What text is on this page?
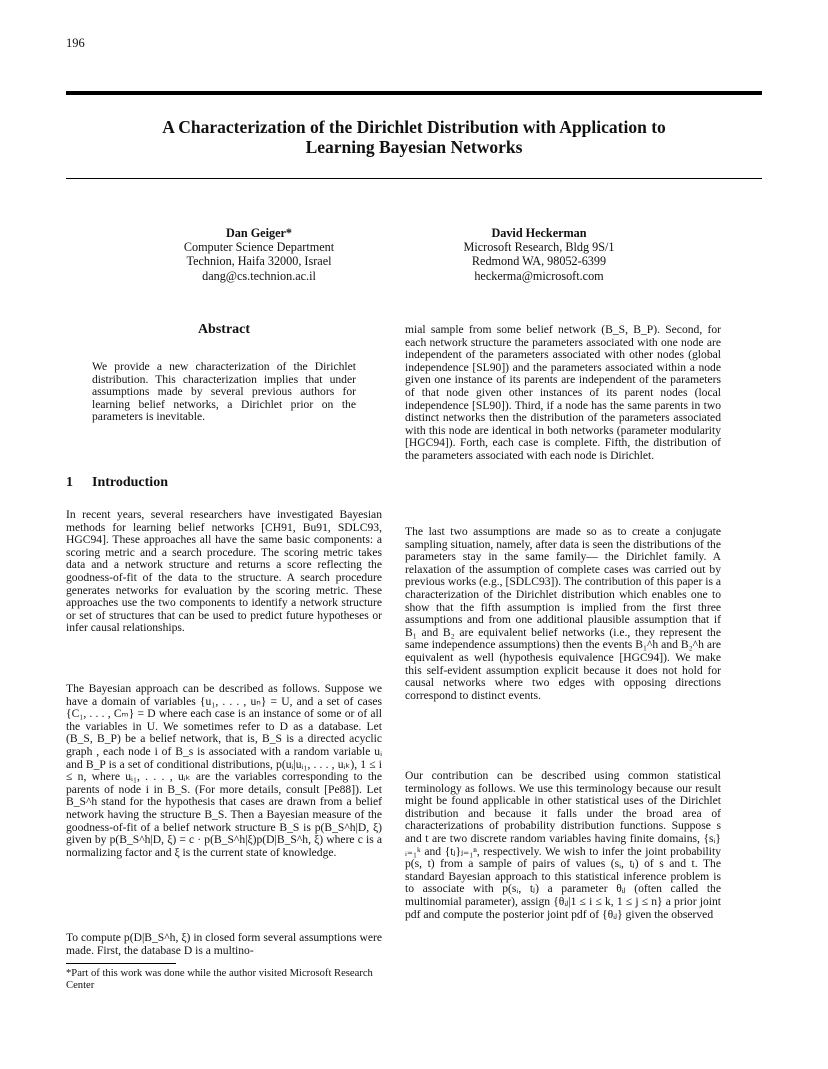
196
A Characterization of the Dirichlet Distribution with Application to
Learning Bayesian Networks
Dan Geiger*
Computer Science Department
Technion, Haifa 32000, Israel
dang@cs.technion.ac.il
David Heckerman
Microsoft Research, Bldg 9S/1
Redmond WA, 98052-6399
heckerma@microsoft.com
Abstract
We provide a new characterization of the Dirichlet distribution. This characterization implies that under assumptions made by several previous authors for learning belief networks, a Dirichlet prior on the parameters is inevitable.
1 Introduction

In recent years, several researchers have investigated Bayesian methods for learning belief networks [CH91, Bu91, SDLC93, HGC94]. These approaches all have the same basic components: a scoring metric and a search procedure. The scoring metric takes data and a network structure and returns a score reflecting the goodness-of-fit of the data to the structure. A search procedure generates networks for evaluation by the scoring metric. These approaches use the two components to identify a network structure or set of structures that can be used to predict future hypotheses or infer causal relationships.

The Bayesian approach can be described as follows. Suppose we have a domain of variables {u₁, . . . , uₙ} = U, and a set of cases {C₁, . . . , Cₘ} = D where each case is an instance of some or of all the variables in U. We sometimes refer to D as a database. Let (B_S, B_P) be a belief network, that is, B_S is a directed acyclic graph , each node i of B_s is associated with a random variable uᵢ and B_P is a set of conditional distributions, p(uᵢ|uᵢ₁, . . . , uᵢₖ), 1 ≤ i ≤ n, where uᵢ₁, . . . , uᵢₖ are the variables corresponding to the parents of node i in B_S. (For more details, consult [Pe88]). Let B_S^h stand for the hypothesis that cases are drawn from a belief network having the structure B_S. Then a Bayesian measure of the goodness-of-fit of a belief network structure B_S is p(B_S^h|D, ξ) given by p(B_S^h|D, ξ) = c · p(B_S^h|ξ)p(D|B_S^h, ξ) where c is a normalizing factor and ξ is the current state of knowledge.

To compute p(D|B_S^h, ξ) in closed form several assumptions were made. First, the database D is a multino-

*Part of this work was done while the author visited Microsoft Research Center

mial sample from some belief network (B_S, B_P). Second, for each network structure the parameters associated with one node are independent of the parameters associated with other nodes (global independence [SL90]) and the parameters associated within a node given one instance of its parents are independent of the parameters of that node given other instances of its parent nodes (local independence [SL90]). Third, if a node has the same parents in two distinct networks then the distribution of the parameters associated with this node are identical in both networks (parameter modularity [HGC94]). Forth, each case is complete. Fifth, the distribution of the parameters associated with each node is Dirichlet.

The last two assumptions are made so as to create a conjugate sampling situation, namely, after data is seen the distributions of the parameters stay in the same family— the Dirichlet family. A relaxation of the assumption of complete cases was carried out by previous works (e.g., [SDLC93]). The contribution of this paper is a characterization of the Dirichlet distribution which enables one to show that the fifth assumption is implied from the first three assumptions and from one additional plausible assumption that if B₁ and B₂ are equivalent belief networks (i.e., they represent the same independence assumptions) then the events B₁^h and B₂^h are equivalent as well (hypothesis equivalence [HGC94]). We make this self-evident assumption explicit because it does not hold for causal networks where two edges with opposing directions correspond to distinct events.

Our contribution can be described using common statistical terminology as follows. We use this terminology because our result might be found applicable in other statistical uses of the Dirichlet distribution and because it falls under the broad area of characterizations of probability distribution functions. Suppose s and t are two discrete random variables having finite domains, {sᵢ}ᵢ₌₁ᵏ and {tⱼ}ⱼ₌₁ⁿ, respectively. We wish to infer the joint probability p(s, t) from a sample of pairs of values (sᵢ, tⱼ) of s and t. The standard Bayesian approach to this statistical inference problem is to associate with p(sᵢ, tⱼ) a parameter θᵢⱼ (often called the multinomial parameter), assign {θᵢⱼ|1 ≤ i ≤ k, 1 ≤ j ≤ n} a prior joint pdf and compute the posterior joint pdf of {θᵢⱼ} given the observed
